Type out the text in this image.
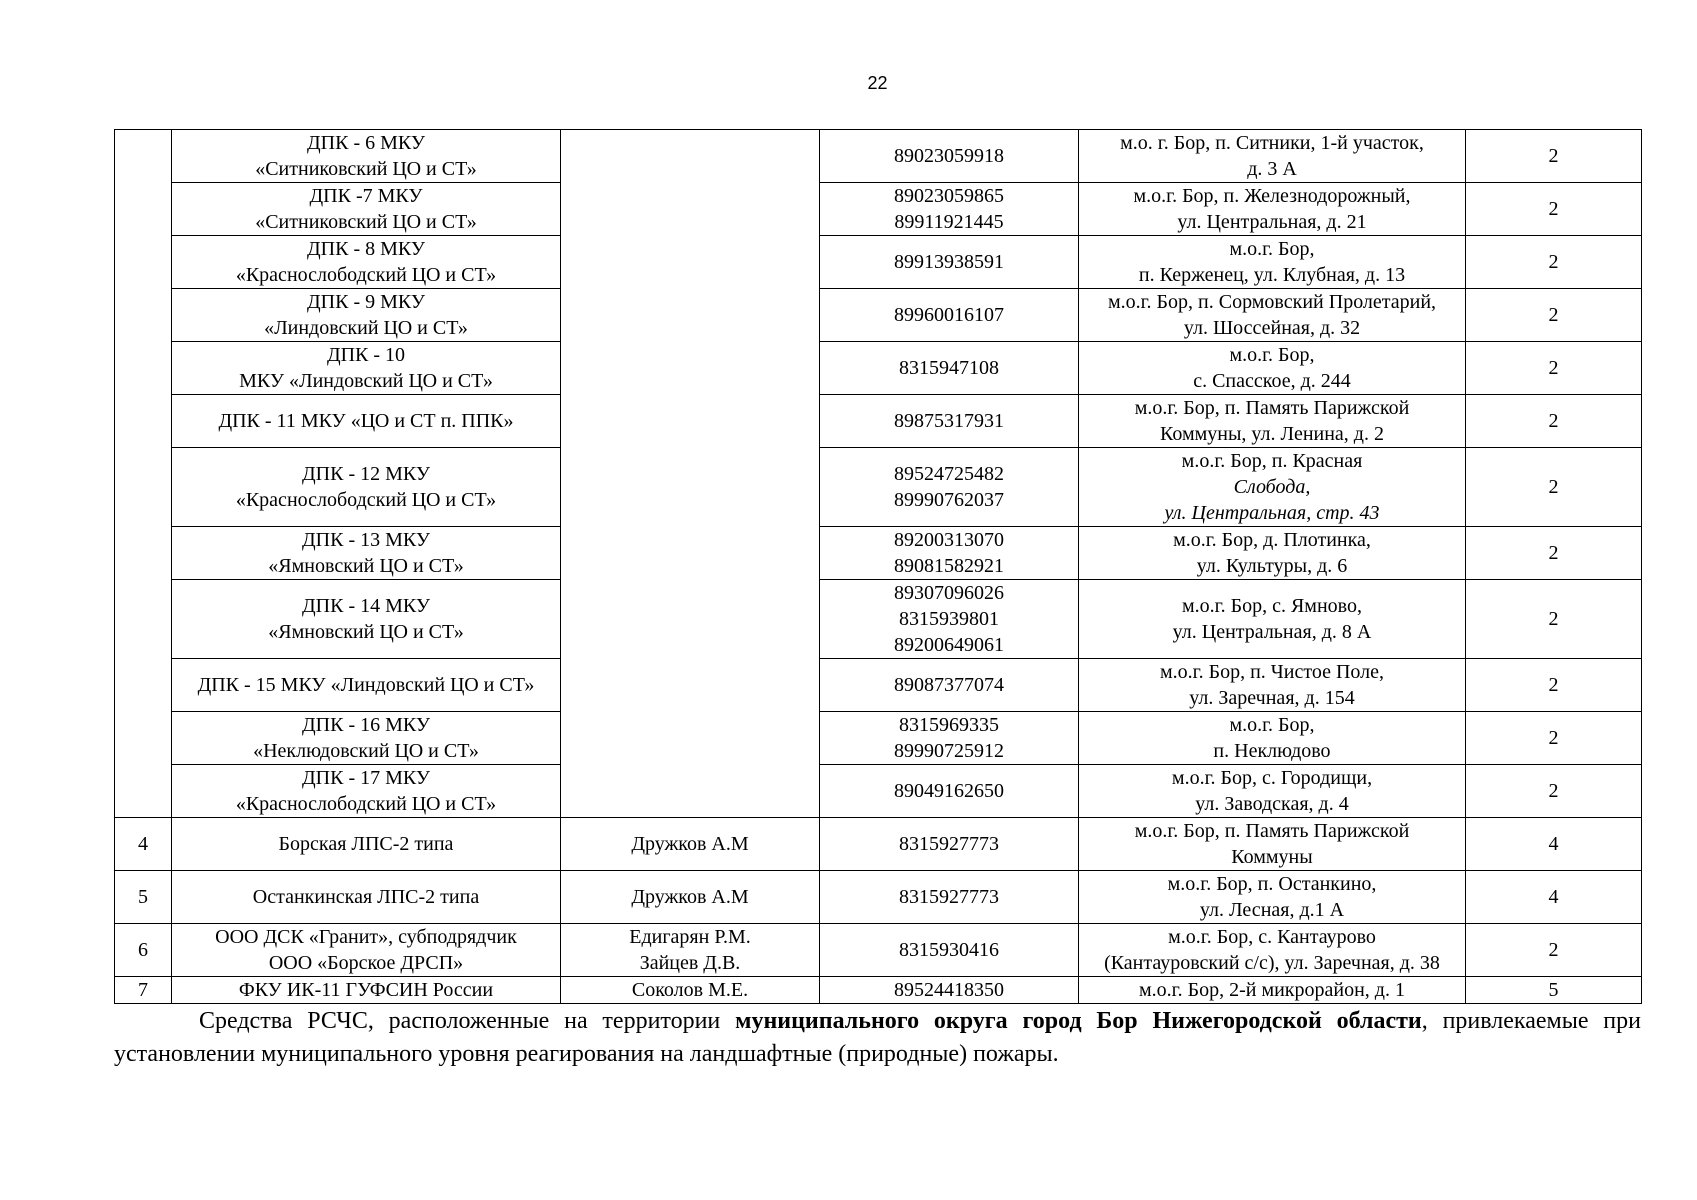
22

	ДПК - 6 МКУ
«Ситниковский ЦО и СТ»		89023059918	м.о. г. Бор, п. Ситники, 1-й участок,
д. 3 А	2

	ДПК -7 МКУ
«Ситниковский ЦО и СТ»		89023059865
89911921445	м.о.г. Бор, п. Железнодорожный,
ул. Центральная, д. 21	2

	ДПК - 8 МКУ
«Краснослободский ЦО и СТ»		89913938591	м.о.г. Бор,
п. Керженец, ул. Клубная, д. 13	2

	ДПК - 9 МКУ
«Линдовский ЦО и СТ»		89960016107	м.о.г. Бор, п. Сормовский Пролетарий,
ул. Шоссейная, д. 32	2

	ДПК - 10
МКУ «Линдовский ЦО и СТ»		8315947108	м.о.г. Бор,
с. Спасское, д. 244	2

	ДПК - 11 МКУ «ЦО и СТ п. ППК»		89875317931	м.о.г. Бор, п. Память Парижской
Коммуны, ул. Ленина, д. 2	2

	ДПК - 12 МКУ
«Краснослободский ЦО и СТ»		89524725482
89990762037	м.о.г. Бор, п. Красная
Слобода,
ул. Центральная, стр. 43	2

	ДПК - 13 МКУ
«Ямновский ЦО и СТ»		89200313070
89081582921	м.о.г. Бор, д. Плотинка,
ул. Культуры, д. 6	2

	ДПК - 14 МКУ
«Ямновский ЦО и СТ»		89307096026
8315939801
89200649061	м.о.г. Бор, с. Ямново,
ул. Центральная, д. 8 А	2

	ДПК - 15 МКУ «Линдовский ЦО и СТ»		89087377074	м.о.г. Бор, п. Чистое Поле,
ул. Заречная, д. 154	2

	ДПК - 16 МКУ
«Неклюдовский ЦО и СТ»		8315969335
89990725912	м.о.г. Бор,
п. Неклюдово	2

	ДПК - 17 МКУ
«Краснослободский ЦО и СТ»		89049162650	м.о.г. Бор, с. Городищи,
ул. Заводская, д. 4	2
4	Борская ЛПС-2 типа	Дружков А.М	8315927773	м.о.г. Бор, п. Память Парижской
Коммуны	4
5	Останкинская ЛПС-2 типа	Дружков А.М	8315927773	м.о.г. Бор, п. Останкино,
ул. Лесная, д.1 А	4
6	ООО ДСК «Гранит», субподрядчик
ООО «Борское ДРСП»	Едигарян Р.М.
Зайцев Д.В.	8315930416	м.о.г. Бор, с. Кантаурово
(Кантауровский с/с), ул. Заречная, д. 38	2
7	ФКУ ИК-11 ГУФСИН России	Соколов М.Е.	89524418350	м.о.г. Бор, 2-й микрорайон, д. 1	5

Средства РСЧС, расположенные на территории муниципального округа город Бор Нижегородской области, привлекаемые при установлении муниципального уровня реагирования на ландшафтные (природные) пожары.
